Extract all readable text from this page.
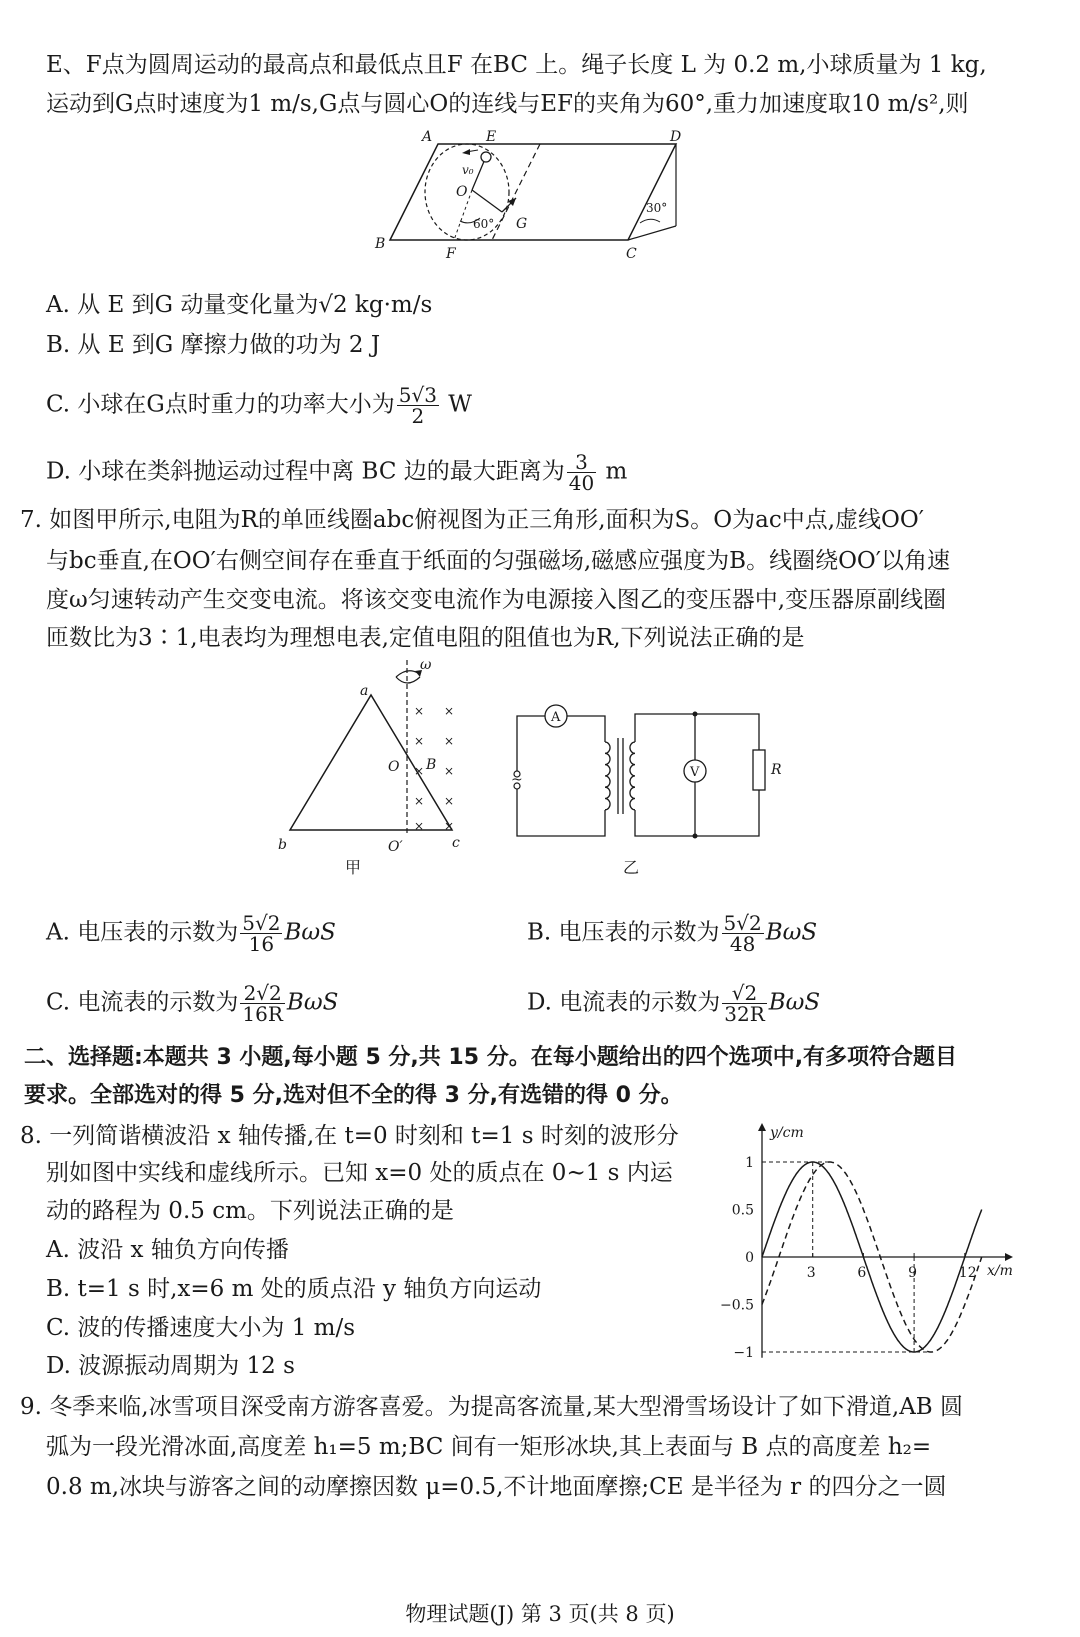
E、F点为圆周运动的最高点和最低点且F 在BC 上。绳子长度 L 为 0.2 m,小球质量为 1 kg,
运动到G点时速度为1 m/s,G点与圆心O的连线与EF的夹角为60°,重力加速度取10 m/s²,则
A	E	D
v₀
O
60° G
30°
B
F	C
A. 从 E 到G 动量变化量为√2 kg·m/s
B. 从 E 到G 摩擦力做的功为 2 J
C. 小球在G点时重力的功率大小为 $\frac{5√3}{2}$ W
D. 小球在类斜抛运动过程中离 BC 边的最大距离为 $\frac{3}{40}$ m
7. 如图甲所示,电阻为R的单匝线圈abc俯视图为正三角形,面积为S。O为ac中点,虚线OO′
与bc垂直,在OO′右侧空间存在垂直于纸面的匀强磁场,磁感应强度为B。线圈绕OO′以角速
度ω匀速转动产生交变电流。将该交变电流作为电源接入图乙的变压器中,变压器原副线圈
匝数比为3∶1,电表均为理想电表,定值电阻的阻值也为R,下列说法正确的是
× ×
× ×
× ×
× ×
× ×
ω
a
O B
b	O′	c
甲
A
V	R
~
乙
A. 电压表的示数为 $\frac{5√2}{16}$ BωS	B. 电压表的示数为 $\frac{5√2}{48}$ BωS
C. 电流表的示数为 $\frac{2√2}{16R}$ BωS	D. 电流表的示数为 $\frac{√2}{32R}$ BωS
二、选择题:本题共 3 小题,每小题 5 分,共 15 分。在每小题给出的四个选项中,有多项符合题目
要求。全部选对的得 5 分,选对但不全的得 3 分,有选错的得 0 分。
8. 一列简谐横波沿 x 轴传播,在 t=0 时刻和 t=1 s 时刻的波形分
别如图中实线和虚线所示。已知 x=0 处的质点在 0~1 s 内运
动的路程为 0.5 cm。下列说法正确的是
A. 波沿 x 轴负方向传播
B. t=1 s 时,x=6 m 处的质点沿 y 轴负方向运动
C. 波的传播速度大小为 1 m/s
D. 波源振动周期为 12 s
y/cm
x/m
3	6	9	12
1
0.5
0
−0.5
−1
9. 冬季来临,冰雪项目深受南方游客喜爱。为提高客流量,某大型滑雪场设计了如下滑道,AB 圆
弧为一段光滑冰面,高度差 h₁=5 m;BC 间有一矩形冰块,其上表面与 B 点的高度差 h₂=
0.8 m,冰块与游客之间的动摩擦因数 μ=0.5,不计地面摩擦;CE 是半径为 r 的四分之一圆
物理试题(J) 第 3 页(共 8 页)
